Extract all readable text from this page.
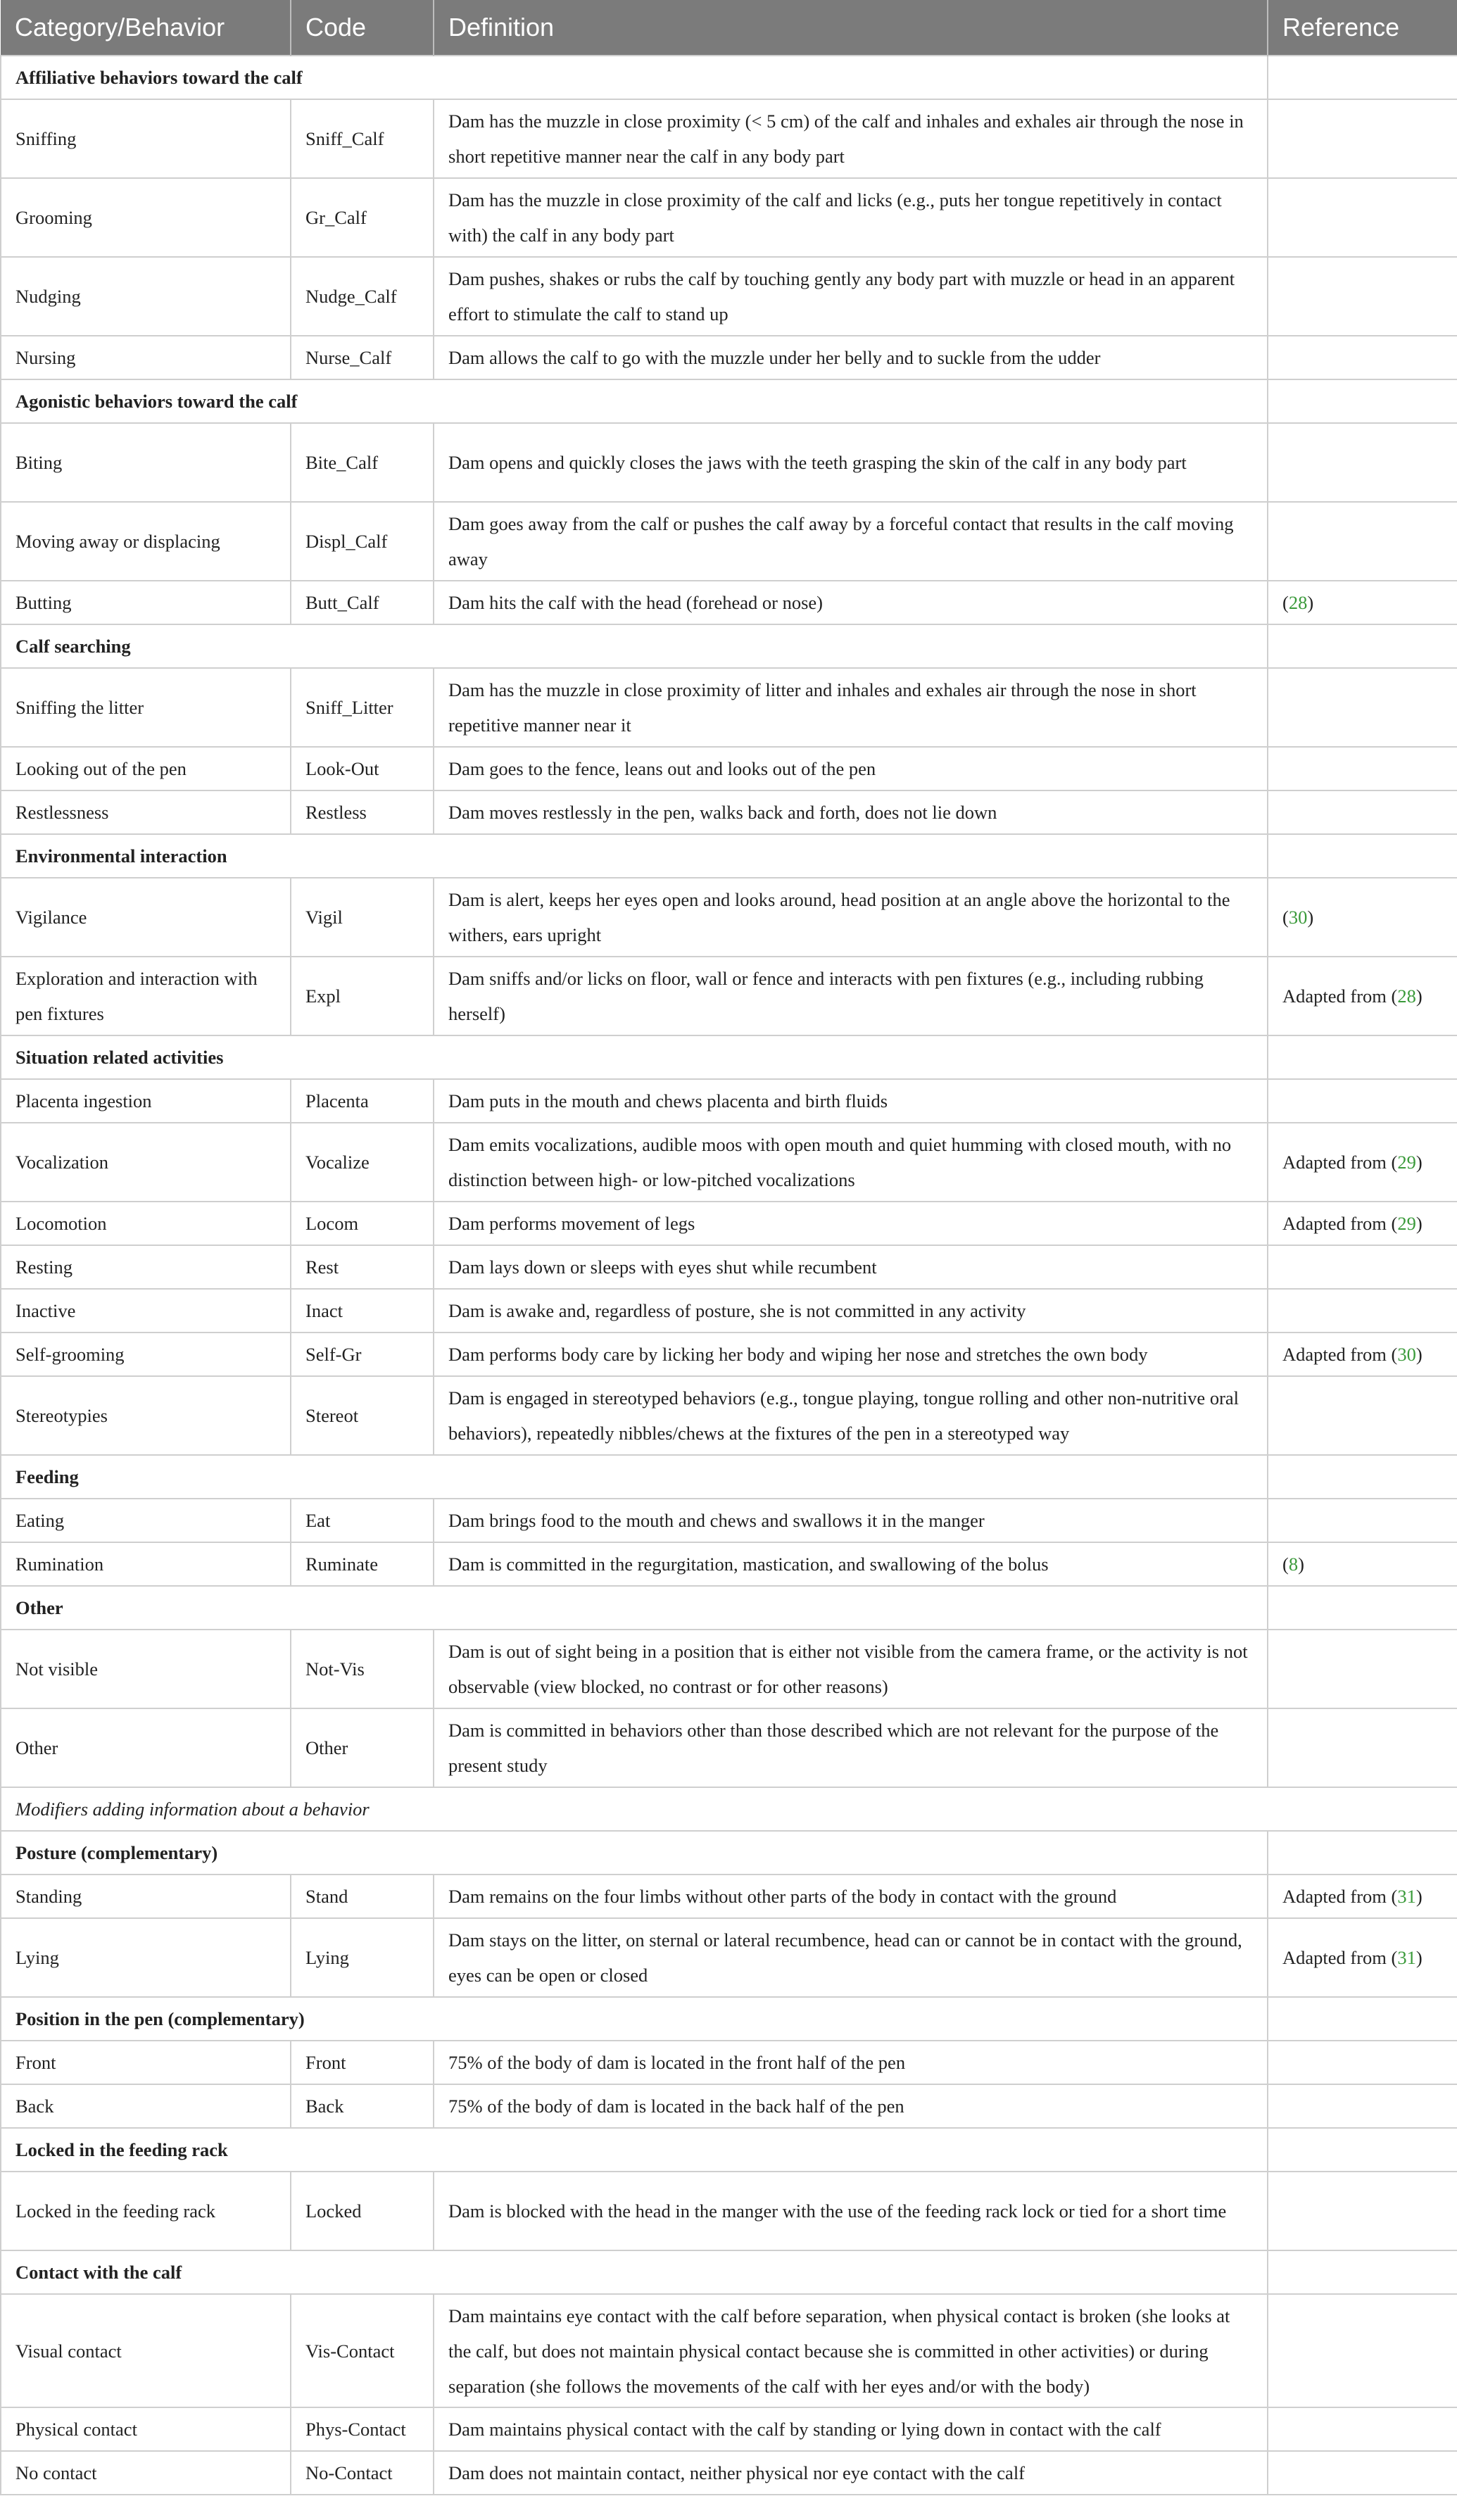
Category/Behavior	Code	Definition	Reference
Affiliative behaviors toward the calf			
Sniffing	Sniff_Calf	Dam has the muzzle in close proximity (< 5 cm) of the calf and inhales and exhales air through the nose in short repetitive manner near the calf in any body part	
Grooming	Gr_Calf	Dam has the muzzle in close proximity of the calf and licks (e.g., puts her tongue repetitively in contact with) the calf in any body part	
Nudging	Nudge_Calf	Dam pushes, shakes or rubs the calf by touching gently any body part with muzzle or head in an apparent effort to stimulate the calf to stand up	
Nursing	Nurse_Calf	Dam allows the calf to go with the muzzle under her belly and to suckle from the udder	
Agonistic behaviors toward the calf			
Biting	Bite_Calf	Dam opens and quickly closes the jaws with the teeth grasping the skin of the calf in any body part	
Moving away or displacing	Displ_Calf	Dam goes away from the calf or pushes the calf away by a forceful contact that results in the calf moving away	
Butting	Butt_Calf	Dam hits the calf with the head (forehead or nose)	(28)
Calf searching			
Sniffing the litter	Sniff_Litter	Dam has the muzzle in close proximity of litter and inhales and exhales air through the nose in short repetitive manner near it	
Looking out of the pen	Look-Out	Dam goes to the fence, leans out and looks out of the pen	
Restlessness	Restless	Dam moves restlessly in the pen, walks back and forth, does not lie down	
Environmental interaction			
Vigilance	Vigil	Dam is alert, keeps her eyes open and looks around, head position at an angle above the horizontal to the withers, ears upright	(30)
Exploration and interaction with pen fixtures	Expl	Dam sniffs and/or licks on floor, wall or fence and interacts with pen fixtures (e.g., including rubbing herself)	Adapted from (28)
Situation related activities			
Placenta ingestion	Placenta	Dam puts in the mouth and chews placenta and birth fluids	
Vocalization	Vocalize	Dam emits vocalizations, audible moos with open mouth and quiet humming with closed mouth, with no distinction between high- or low-pitched vocalizations	Adapted from (29)
Locomotion	Locom	Dam performs movement of legs	Adapted from (29)
Resting	Rest	Dam lays down or sleeps with eyes shut while recumbent	
Inactive	Inact	Dam is awake and, regardless of posture, she is not committed in any activity	
Self-grooming	Self-Gr	Dam performs body care by licking her body and wiping her nose and stretches the own body	Adapted from (30)
Stereotypies	Stereot	Dam is engaged in stereotyped behaviors (e.g., tongue playing, tongue rolling and other non-nutritive oral behaviors), repeatedly nibbles/chews at the fixtures of the pen in a stereotyped way	
Feeding			
Eating	Eat	Dam brings food to the mouth and chews and swallows it in the manger	
Rumination	Ruminate	Dam is committed in the regurgitation, mastication, and swallowing of the bolus	(8)
Other			
Not visible	Not-Vis	Dam is out of sight being in a position that is either not visible from the camera frame, or the activity is not observable (view blocked, no contrast or for other reasons)	
Other	Other	Dam is committed in behaviors other than those described which are not relevant for the purpose of the present study	
Modifiers adding information about a behavior			
Posture (complementary)			
Standing	Stand	Dam remains on the four limbs without other parts of the body in contact with the ground	Adapted from (31)
Lying	Lying	Dam stays on the litter, on sternal or lateral recumbence, head can or cannot be in contact with the ground, eyes can be open or closed	Adapted from (31)
Position in the pen (complementary)			
Front	Front	75% of the body of dam is located in the front half of the pen	
Back	Back	75% of the body of dam is located in the back half of the pen	
Locked in the feeding rack			
Locked in the feeding rack	Locked	Dam is blocked with the head in the manger with the use of the feeding rack lock or tied for a short time	
Contact with the calf			
Visual contact	Vis-Contact	Dam maintains eye contact with the calf before separation, when physical contact is broken (she looks at the calf, but does not maintain physical contact because she is committed in other activities) or during separation (she follows the movements of the calf with her eyes and/or with the body)	
Physical contact	Phys-Contact	Dam maintains physical contact with the calf by standing or lying down in contact with the calf	
No contact	No-Contact	Dam does not maintain contact, neither physical nor eye contact with the calf	
